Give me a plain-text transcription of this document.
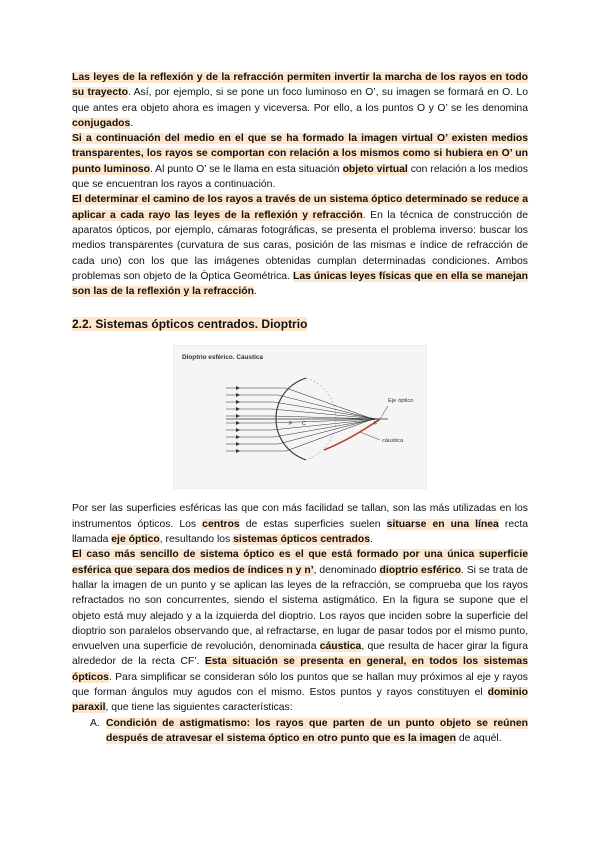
Las leyes de la reflexión y de la refracción permiten invertir la marcha de los rayos en todo su trayecto. Así, por ejemplo, si se pone un foco luminoso en O’, su imagen se formará en O. Lo que antes era objeto ahora es imagen y viceversa. Por ello, a los puntos O y O’ se les denomina conjugados.

Si a continuación del medio en el que se ha formado la imagen virtual O’ existen medios transparentes, los rayos se comportan con relación a los mismos como si hubiera en O’ un punto luminoso. Al punto O’ se le llama en esta situación objeto virtual con relación a los medios que se encuentran los rayos a continuación.

El determinar el camino de los rayos a través de un sistema óptico determinado se reduce a aplicar a cada rayo las leyes de la reflexión y refracción. En la técnica de construcción de aparatos ópticos, por ejemplo, cámaras fotográficas, se presenta el problema inverso: buscar los medios transparentes (curvatura de sus caras, posición de las mismas e índice de refracción de cada uno) con los que las imágenes obtenidas cumplan determinadas condiciones. Ambos problemas son objeto de la Óptica Geométrica. Las únicas leyes físicas que en ella se manejan son las de la reflexión y la refracción.

2.2. Sistemas ópticos centrados. Dioptrio
Dioptrio esférico. Cáustica
Eje óptico
cáustica
C	F'
F

Por ser las superficies esféricas las que con más facilidad se tallan, son las más utilizadas en los instrumentos ópticos. Los centros de estas superficies suelen situarse en una línea recta llamada eje óptico, resultando los sistemas ópticos centrados.

El caso más sencillo de sistema óptico es el que está formado por una única superficie esférica que separa dos medios de índices n y n’, denominado dioptrio esférico. Si se trata de hallar la imagen de un punto y se aplican las leyes de la refracción, se comprueba que los rayos refractados no son concurrentes, siendo el sistema astigmático. En la figura se supone que el objeto está muy alejado y a la izquierda del dioptrio. Los rayos que inciden sobre la superficie del dioptrio son paralelos observando que, al refractarse, en lugar de pasar todos por el mismo punto, envuelven una superficie de revolución, denominada cáustica, que resulta de hacer girar la figura alrededor de la recta CF’. Esta situación se presenta en general, en todos los sistemas ópticos. Para simplificar se consideran sólo los puntos que se hallan muy próximos al eje y rayos que forman ángulos muy agudos con el mismo. Estos puntos y rayos constituyen el dominio paraxil, que tiene las siguientes características:

A. Condición de astigmatismo: los rayos que parten de un punto objeto se reúnen después de atravesar el sistema óptico en otro punto que es la imagen de aquél.
